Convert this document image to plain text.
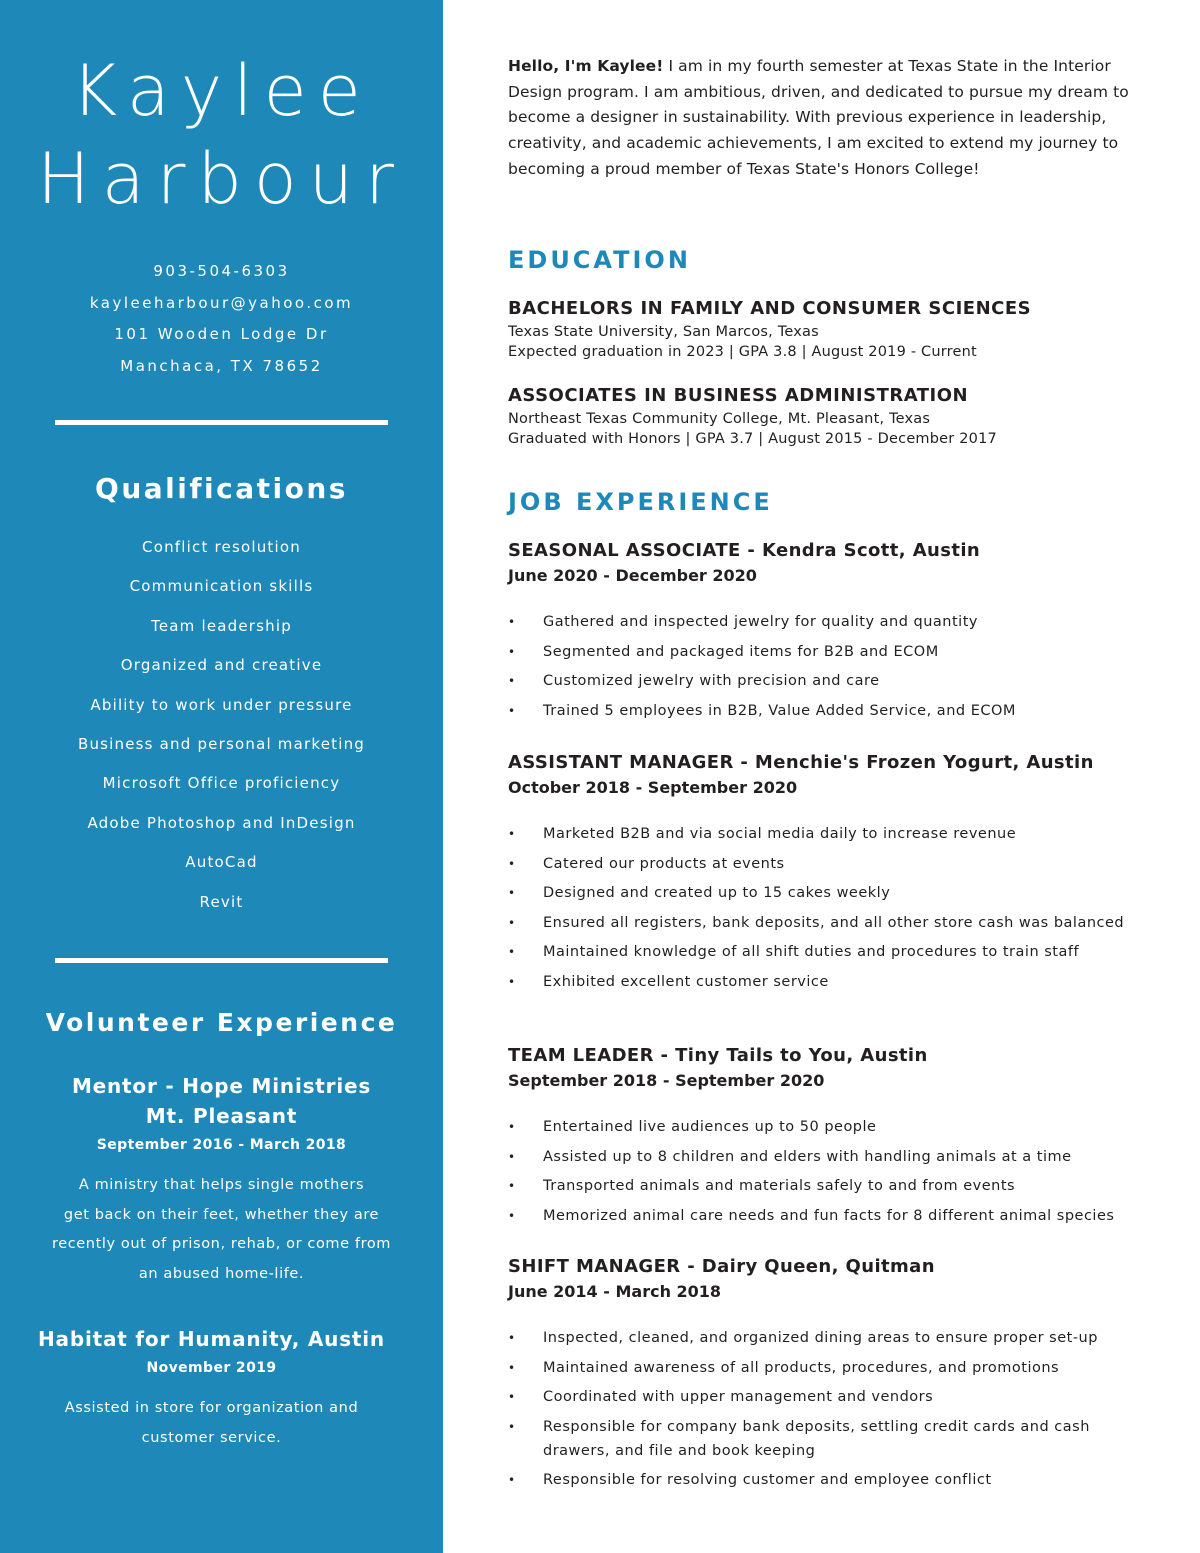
Kaylee
Harbour
903-504-6303
kayleeharbour@yahoo.com
101 Wooden Lodge Dr
Manchaca, TX 78652
Qualifications
Conflict resolution
Communication skills
Team leadership
Organized and creative
Ability to work under pressure
Business and personal marketing
Microsoft Office proficiency
Adobe Photoshop and InDesign
AutoCad
Revit
Volunteer Experience
Mentor - Hope Ministries
Mt. Pleasant
September 2016 - March 2018
A ministry that helps single mothers
get back on their feet, whether they are
recently out of prison, rehab, or come from
an abused home-life.
Habitat for Humanity, Austin
November 2019
Assisted in store for organization and
customer service.

Hello, I'm Kaylee! I am in my fourth semester at Texas State in the Interior Design program. I am ambitious, driven, and dedicated to pursue my dream to become a designer in sustainability. With previous experience in leadership, creativity, and academic achievements, I am excited to extend my journey to becoming a proud member of Texas State's Honors College!

EDUCATION
BACHELORS IN FAMILY AND CONSUMER SCIENCES
Texas State University, San Marcos, Texas
Expected graduation in 2023 | GPA 3.8 | August 2019 - Current
ASSOCIATES IN BUSINESS ADMINISTRATION
Northeast Texas Community College, Mt. Pleasant, Texas
Graduated with Honors | GPA 3.7 | August 2015 - December 2017
JOB EXPERIENCE
SEASONAL ASSOCIATE - Kendra Scott, Austin
June 2020 - December 2020
• Gathered and inspected jewelry for quality and quantity
• Segmented and packaged items for B2B and ECOM
• Customized jewelry with precision and care
• Trained 5 employees in B2B, Value Added Service, and ECOM
ASSISTANT MANAGER - Menchie's Frozen Yogurt, Austin
October 2018 - September 2020
• Marketed B2B and via social media daily to increase revenue
• Catered our products at events
• Designed and created up to 15 cakes weekly
• Ensured all registers, bank deposits, and all other store cash was balanced
• Maintained knowledge of all shift duties and procedures to train staff
• Exhibited excellent customer service
TEAM LEADER - Tiny Tails to You, Austin
September 2018 - September 2020
• Entertained live audiences up to 50 people
• Assisted up to 8 children and elders with handling animals at a time
• Transported animals and materials safely to and from events
• Memorized animal care needs and fun facts for 8 different animal species
SHIFT MANAGER - Dairy Queen, Quitman
June 2014 - March 2018
• Inspected, cleaned, and organized dining areas to ensure proper set-up
• Maintained awareness of all products, procedures, and promotions
• Coordinated with upper management and vendors
• Responsible for company bank deposits, settling credit cards and cash drawers, and file and book keeping
• Responsible for resolving customer and employee conflict
